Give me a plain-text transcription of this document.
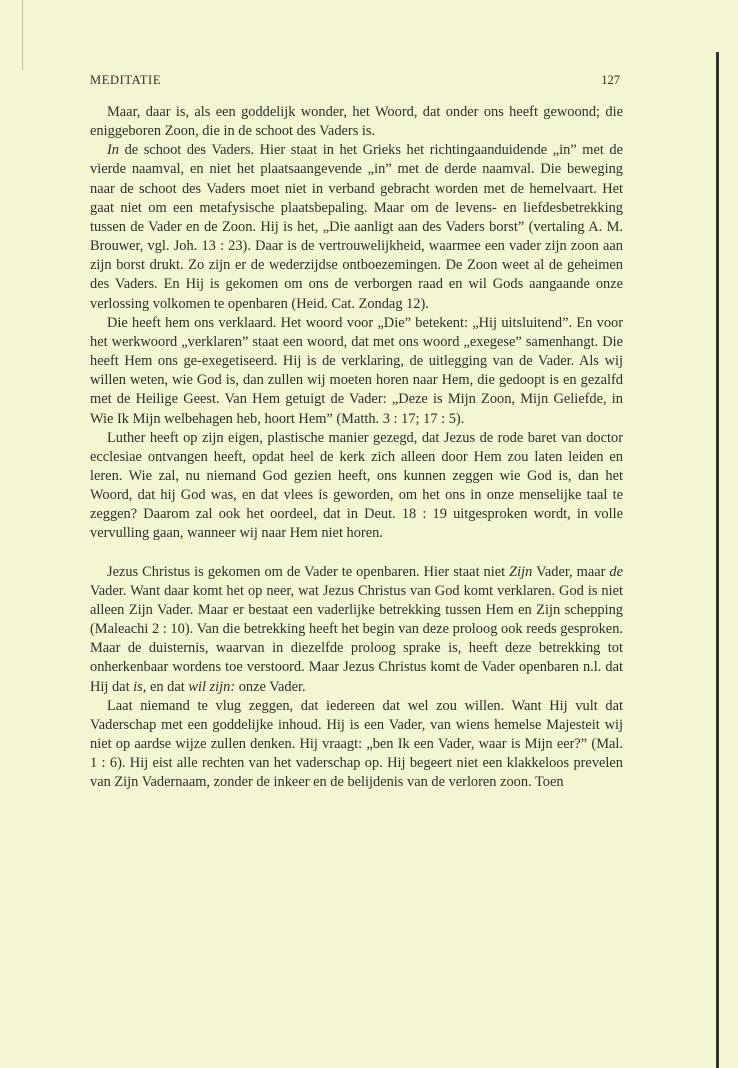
MEDITATIE	127

Maar, daar is, als een goddelijk wonder, het Woord, dat onder ons heeft gewoond; die eniggeboren Zoon, die in de schoot des Vaders is.

In de schoot des Vaders. Hier staat in het Grieks het richtingaanduidende „in” met de vierde naamval, en niet het plaatsaangevende „in” met de derde naamval. Die beweging naar de schoot des Vaders moet niet in verband gebracht worden met de hemelvaart. Het gaat niet om een metafysische plaatsbepaling. Maar om de levens- en liefdesbetrekking tussen de Vader en de Zoon. Hij is het, „Die aanligt aan des Vaders borst” (vertaling A. M. Brouwer, vgl. Joh. 13 : 23). Daar is de vertrouwelijkheid, waarmee een vader zijn zoon aan zijn borst drukt. Zo zijn er de wederzijdse ontboezemingen. De Zoon weet al de geheimen des Vaders. En Hij is gekomen om ons de verborgen raad en wil Gods aangaande onze verlossing volkomen te openbaren (Heid. Cat. Zondag 12).

Die heeft hem ons verklaard. Het woord voor „Die” betekent: „Hij uitsluitend”. En voor het werkwoord „verklaren” staat een woord, dat met ons woord „exegese” samenhangt. Die heeft Hem ons ge-exegetiseerd. Hij is de verklaring, de uitlegging van de Vader. Als wij willen weten, wie God is, dan zullen wij moeten horen naar Hem, die gedoopt is en gezalfd met de Heilige Geest. Van Hem getuigt de Vader: „Deze is Mijn Zoon, Mijn Geliefde, in Wie Ik Mijn welbehagen heb, hoort Hem” (Matth. 3 : 17; 17 : 5).

Luther heeft op zijn eigen, plastische manier gezegd, dat Jezus de rode baret van doctor ecclesiae ontvangen heeft, opdat heel de kerk zich alleen door Hem zou laten leiden en leren. Wie zal, nu niemand God gezien heeft, ons kunnen zeggen wie God is, dan het Woord, dat hij God was, en dat vlees is geworden, om het ons in onze menselijke taal te zeggen? Daarom zal ook het oordeel, dat in Deut. 18 : 19 uitgesproken wordt, in volle vervulling gaan, wanneer wij naar Hem niet horen.

Jezus Christus is gekomen om de Vader te openbaren. Hier staat niet Zijn Vader, maar de Vader. Want daar komt het op neer, wat Jezus Christus van God komt verklaren. God is niet alleen Zijn Vader. Maar er bestaat een vaderlijke betrekking tussen Hem en Zijn schepping (Maleachi 2 : 10). Van die betrekking heeft het begin van deze proloog ook reeds gesproken. Maar de duisternis, waarvan in diezelfde proloog sprake is, heeft deze betrekking tot onherkenbaar wordens toe verstoord. Maar Jezus Christus komt de Vader openbaren n.l. dat Hij dat is, en dat wil zijn: onze Vader.

Laat niemand te vlug zeggen, dat iedereen dat wel zou willen. Want Hij vult dat Vaderschap met een goddelijke inhoud. Hij is een Vader, van wiens hemelse Majesteit wij niet op aardse wijze zullen denken. Hij vraagt: „ben Ik een Vader, waar is Mijn eer?” (Mal. 1 : 6). Hij eist alle rechten van het vaderschap op. Hij begeert niet een klakkeloos prevelen van Zijn Vadernaam, zonder de inkeer en de belijdenis van de verloren zoon. Toen
